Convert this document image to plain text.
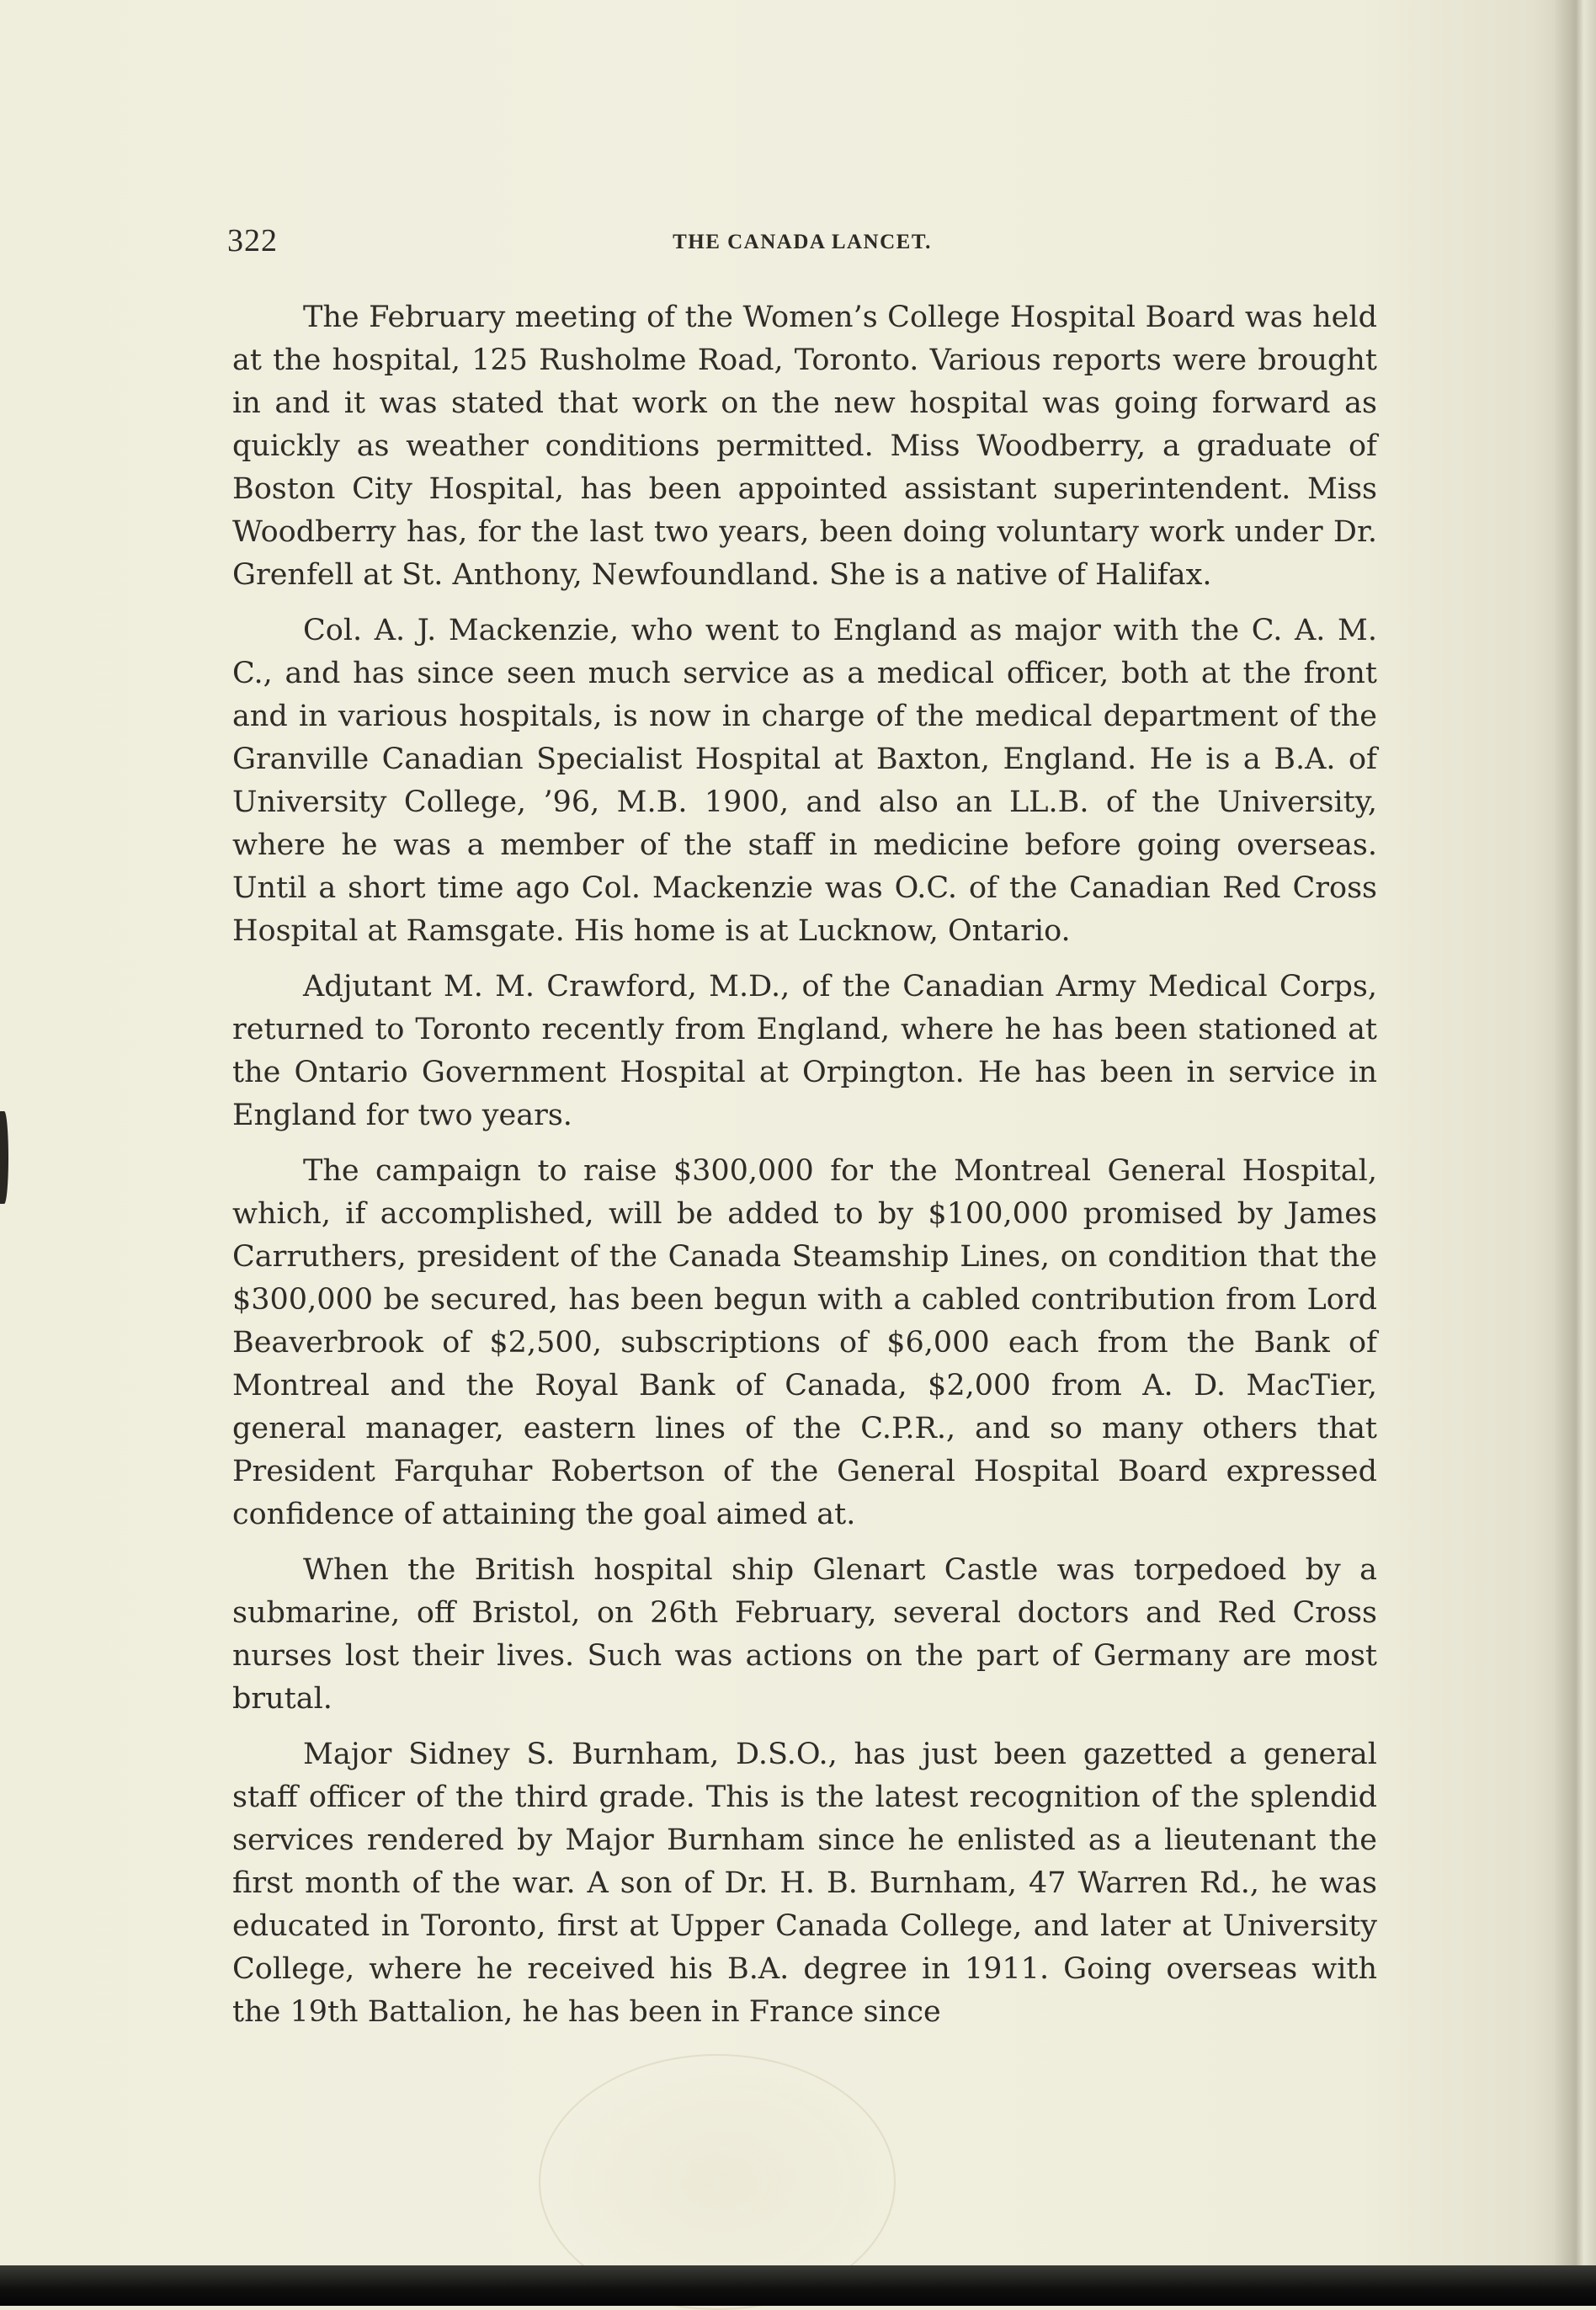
322	THE CANADA LANCET.

The February meeting of the Women’s College Hospital Board was held at the hospital, 125 Rusholme Road, Toronto. Various reports were brought in and it was stated that work on the new hospital was going forward as quickly as weather conditions permitted. Miss Woodberry, a graduate of Boston City Hospital, has been appointed assistant superintendent. Miss Woodberry has, for the last two years, been doing voluntary work under Dr. Grenfell at St. Anthony, Newfoundland. She is a native of Halifax.

Col. A. J. Mackenzie, who went to England as major with the C. A. M. C., and has since seen much service as a medical officer, both at the front and in various hospitals, is now in charge of the medical department of the Granville Canadian Specialist Hospital at Baxton, England. He is a B.A. of University College, ’96, M.B. 1900, and also an LL.B. of the University, where he was a member of the staff in medicine before going overseas. Until a short time ago Col. Mackenzie was O.C. of the Canadian Red Cross Hospital at Ramsgate. His home is at Lucknow, Ontario.

Adjutant M. M. Crawford, M.D., of the Canadian Army Medical Corps, returned to Toronto recently from England, where he has been stationed at the Ontario Government Hospital at Orpington. He has been in service in England for two years.

The campaign to raise $300,000 for the Montreal General Hospital, which, if accomplished, will be added to by $100,000 promised by James Carruthers, president of the Canada Steamship Lines, on condition that the $300,000 be secured, has been begun with a cabled contribution from Lord Beaverbrook of $2,500, subscriptions of $6,000 each from the Bank of Montreal and the Royal Bank of Canada, $2,000 from A. D. MacTier, general manager, eastern lines of the C.P.R., and so many others that President Farquhar Robertson of the General Hospital Board expressed confidence of attaining the goal aimed at.

When the British hospital ship Glenart Castle was torpedoed by a submarine, off Bristol, on 26th February, several doctors and Red Cross nurses lost their lives. Such was actions on the part of Germany are most brutal.

Major Sidney S. Burnham, D.S.O., has just been gazetted a general staff officer of the third grade. This is the latest recognition of the splendid services rendered by Major Burnham since he enlisted as a lieutenant the first month of the war. A son of Dr. H. B. Burnham, 47 Warren Rd., he was educated in Toronto, first at Upper Canada College, and later at University College, where he received his B.A. degree in 1911. Going overseas with the 19th Battalion, he has been in France since
